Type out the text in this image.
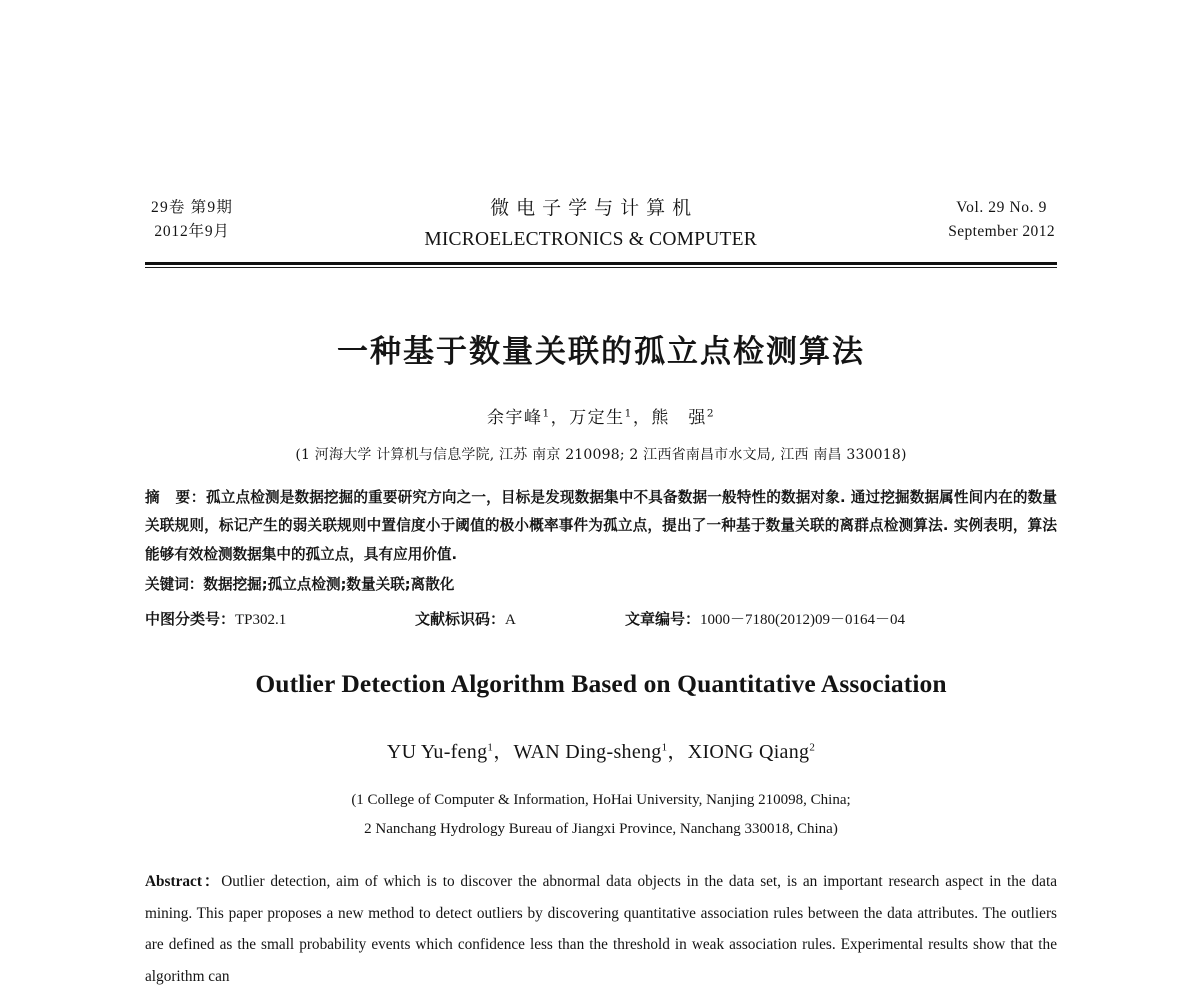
29卷 第9期
2012年9月
微电子学与计算机
MICROELECTRONICS & COMPUTER
Vol. 29 No. 9
September 2012
一种基于数量关联的孤立点检测算法
余宇峰$^1$，万定生$^1$，熊　强$^2$
(1 河海大学 计算机与信息学院, 江苏 南京 210098; 2 江西省南昌市水文局, 江西 南昌 330018)

摘　要：孤立点检测是数据挖掘的重要研究方向之一，目标是发现数据集中不具备数据一般特性的数据对象. 通过挖掘数据属性间内在的数量关联规则，标记产生的弱关联规则中置信度小于阈值的极小概率事件为孤立点，提出了一种基于数量关联的离群点检测算法. 实例表明，算法能够有效检测数据集中的孤立点，具有应用价值.

关键词：数据挖掘;孤立点检测;数量关联;离散化
中图分类号：TP302.1	文献标识码：A	文章编号：1000－7180(2012)09－0164－04
Outlier Detection Algorithm Based on Quantitative Association
YU Yu-feng$^1$，WAN Ding-sheng$^1$，XIONG Qiang$^2$
(1 College of Computer & Information, HoHai University, Nanjing 210098, China;
2 Nanchang Hydrology Bureau of Jiangxi Province, Nanchang 330018, China)

Abstract：Outlier detection, aim of which is to discover the abnormal data objects in the data set, is an important research aspect in the data mining. This paper proposes a new method to detect outliers by discovering quantitative association rules between the data attributes. The outliers are defined as the small probability events which confidence less than the threshold in weak association rules. Experimental results show that the algorithm can
